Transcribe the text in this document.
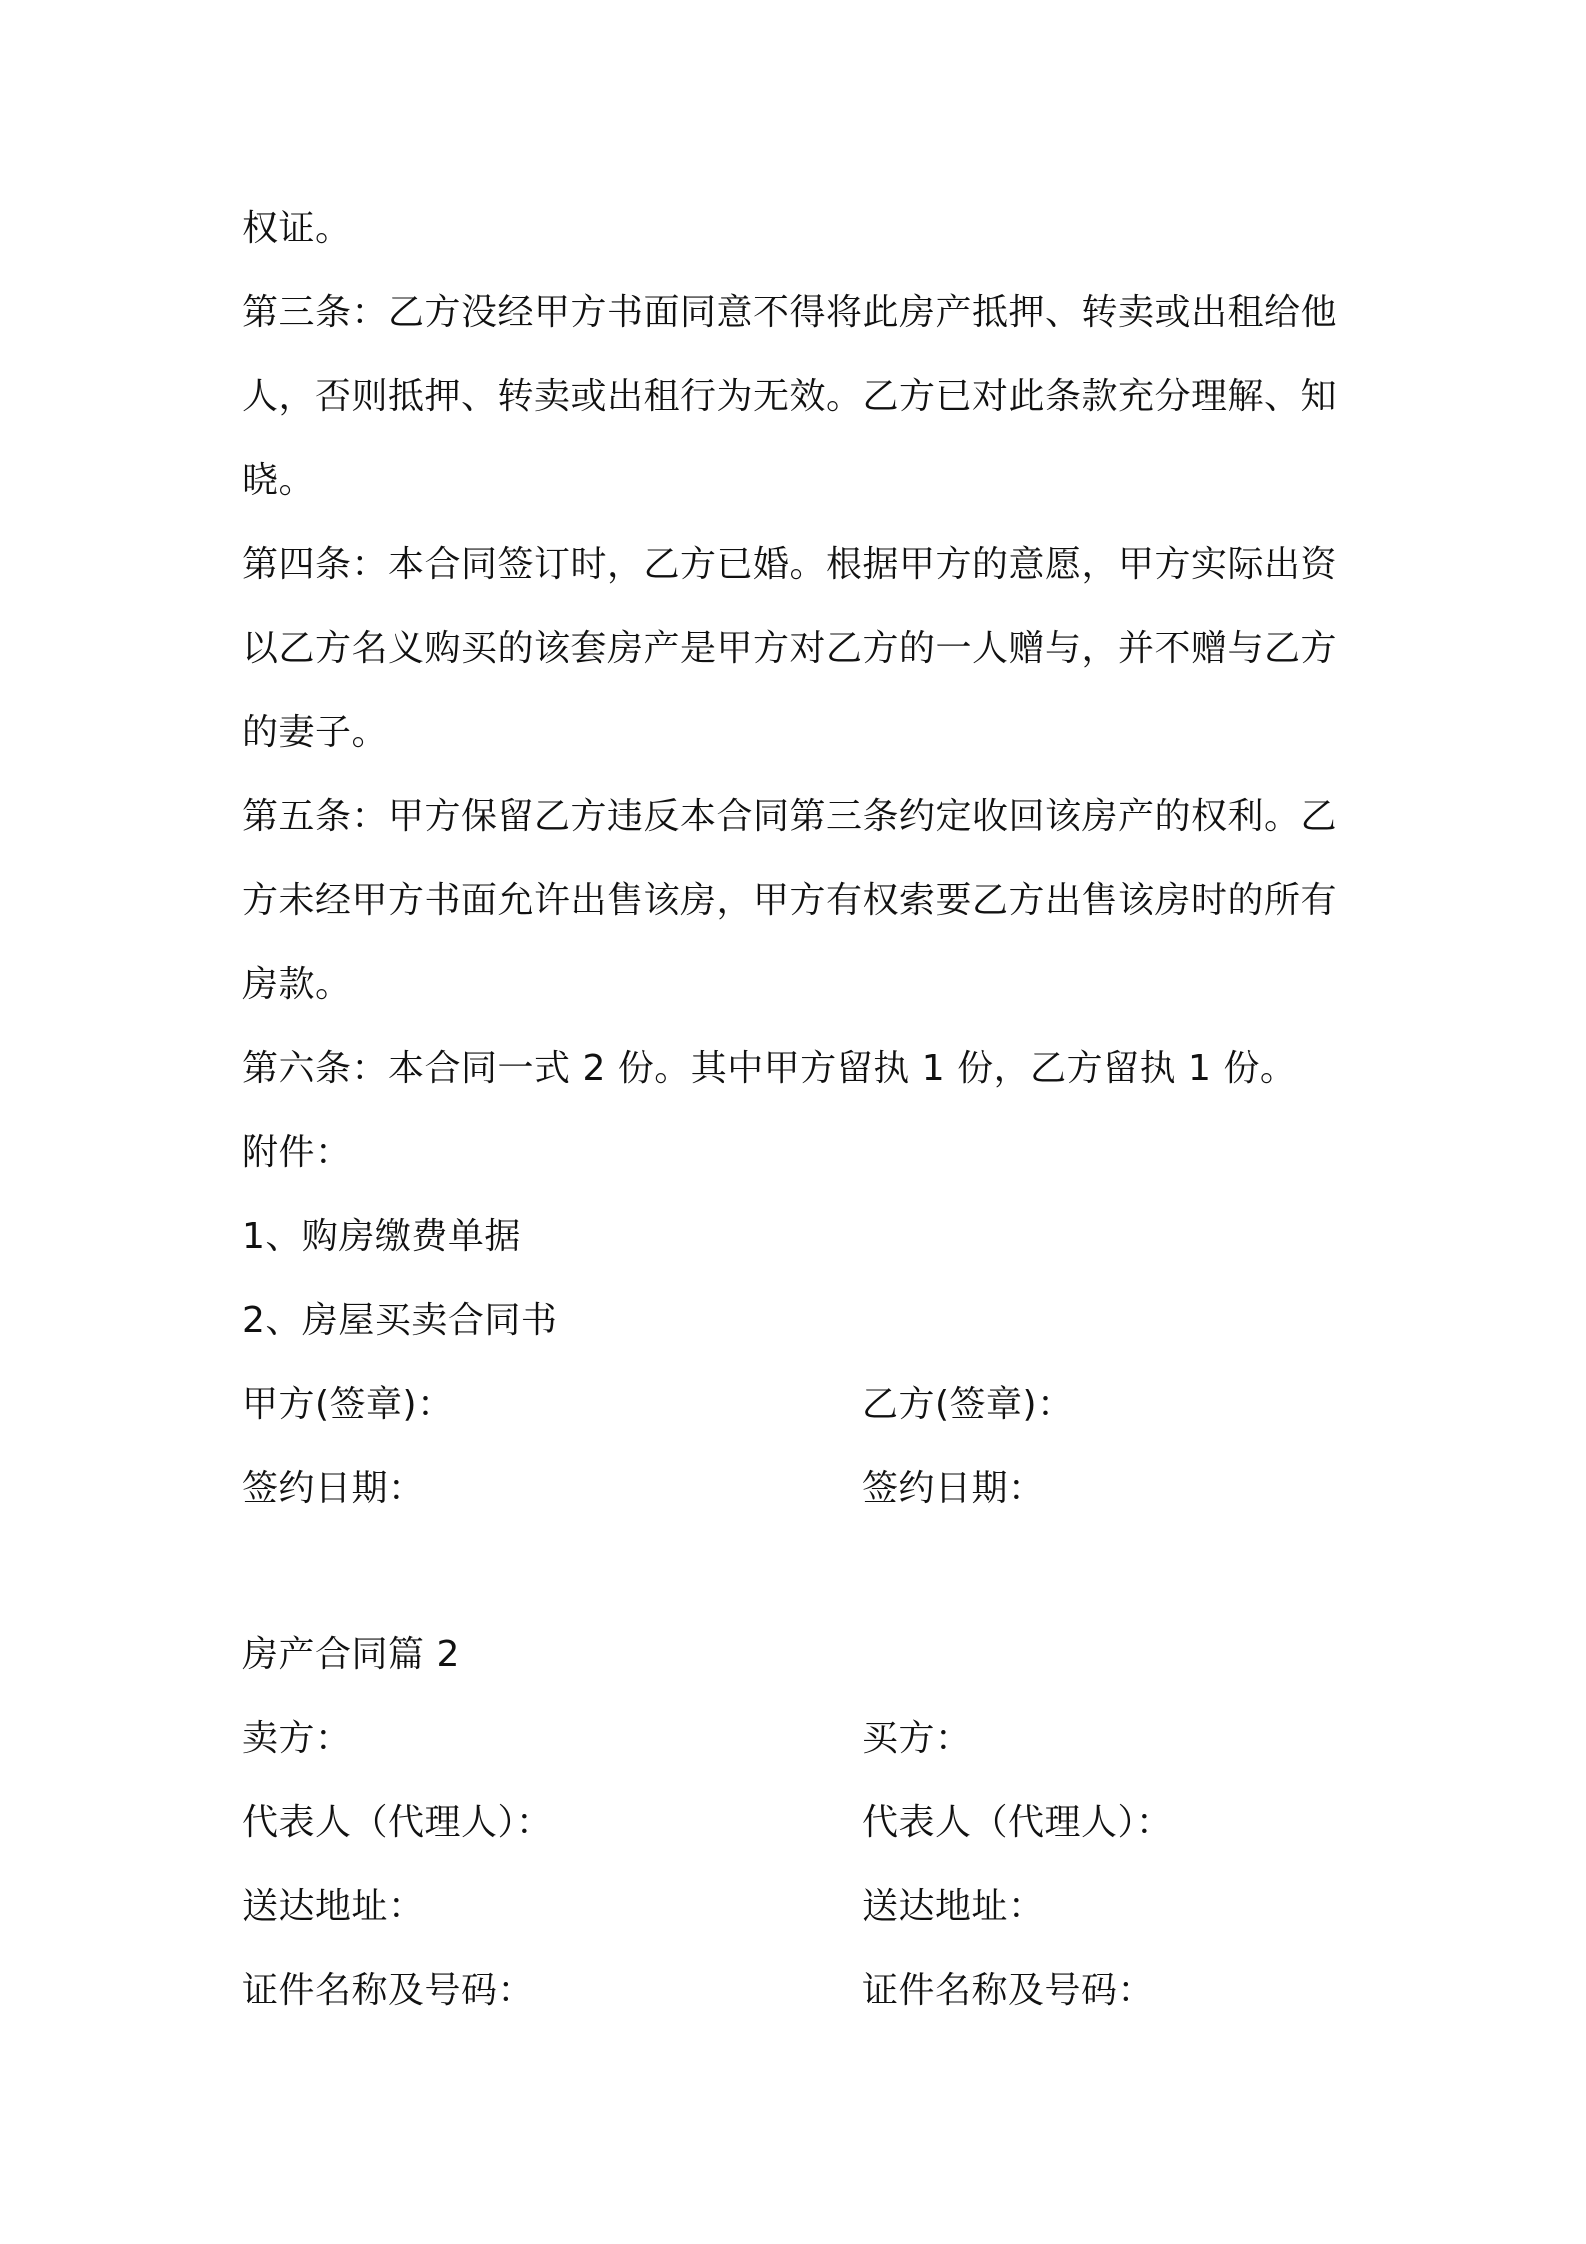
权证。
第三条：乙方没经甲方书面同意不得将此房产抵押、转卖或出租给他
人，否则抵押、转卖或出租行为无效。乙方已对此条款充分理解、知
晓。
第四条：本合同签订时，乙方已婚。根据甲方的意愿，甲方实际出资
以乙方名义购买的该套房产是甲方对乙方的一人赠与，并不赠与乙方
的妻子。
第五条：甲方保留乙方违反本合同第三条约定收回该房产的权利。乙
方未经甲方书面允许出售该房，甲方有权索要乙方出售该房时的所有
房款。
第六条：本合同一式 2 份。其中甲方留执 1 份，乙方留执 1 份。
附件：
1、购房缴费单据
2、房屋买卖合同书
甲方(签章)：	乙方(签章)：
签约日期：	签约日期：
房产合同篇 2
卖方：	买方：
代表人（代理人）：	代表人（代理人）：
送达地址：	送达地址：
证件名称及号码：	证件名称及号码：
